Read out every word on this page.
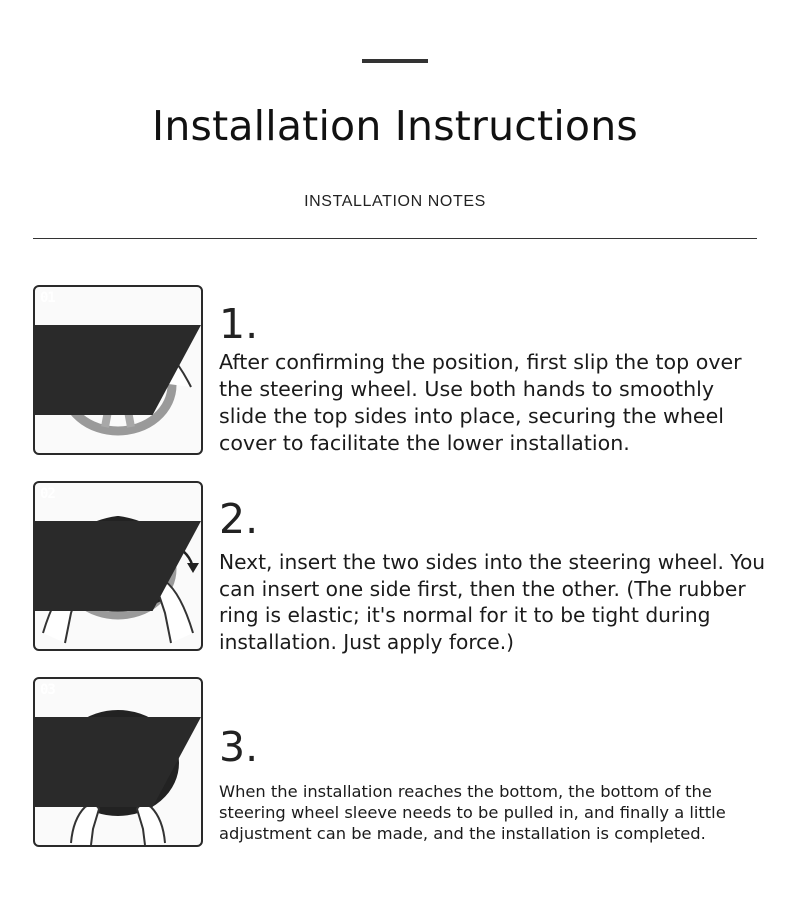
Installation Instructions
INSTALLATION NOTES
01
1.
After confirming the position, first slip the top over the steering wheel. Use both hands to smoothly slide the top sides into place, securing the wheel cover to facilitate the lower installation.
02
2.
Next, insert the two sides into the steering wheel. You can insert one side first, then the other. (The rubber ring is elastic; it's normal for it to be tight during installation. Just apply force.)
03
3.
When the installation reaches the bottom, the bottom of the steering wheel sleeve needs to be pulled in, and finally a little adjustment can be made, and the installation is completed.
